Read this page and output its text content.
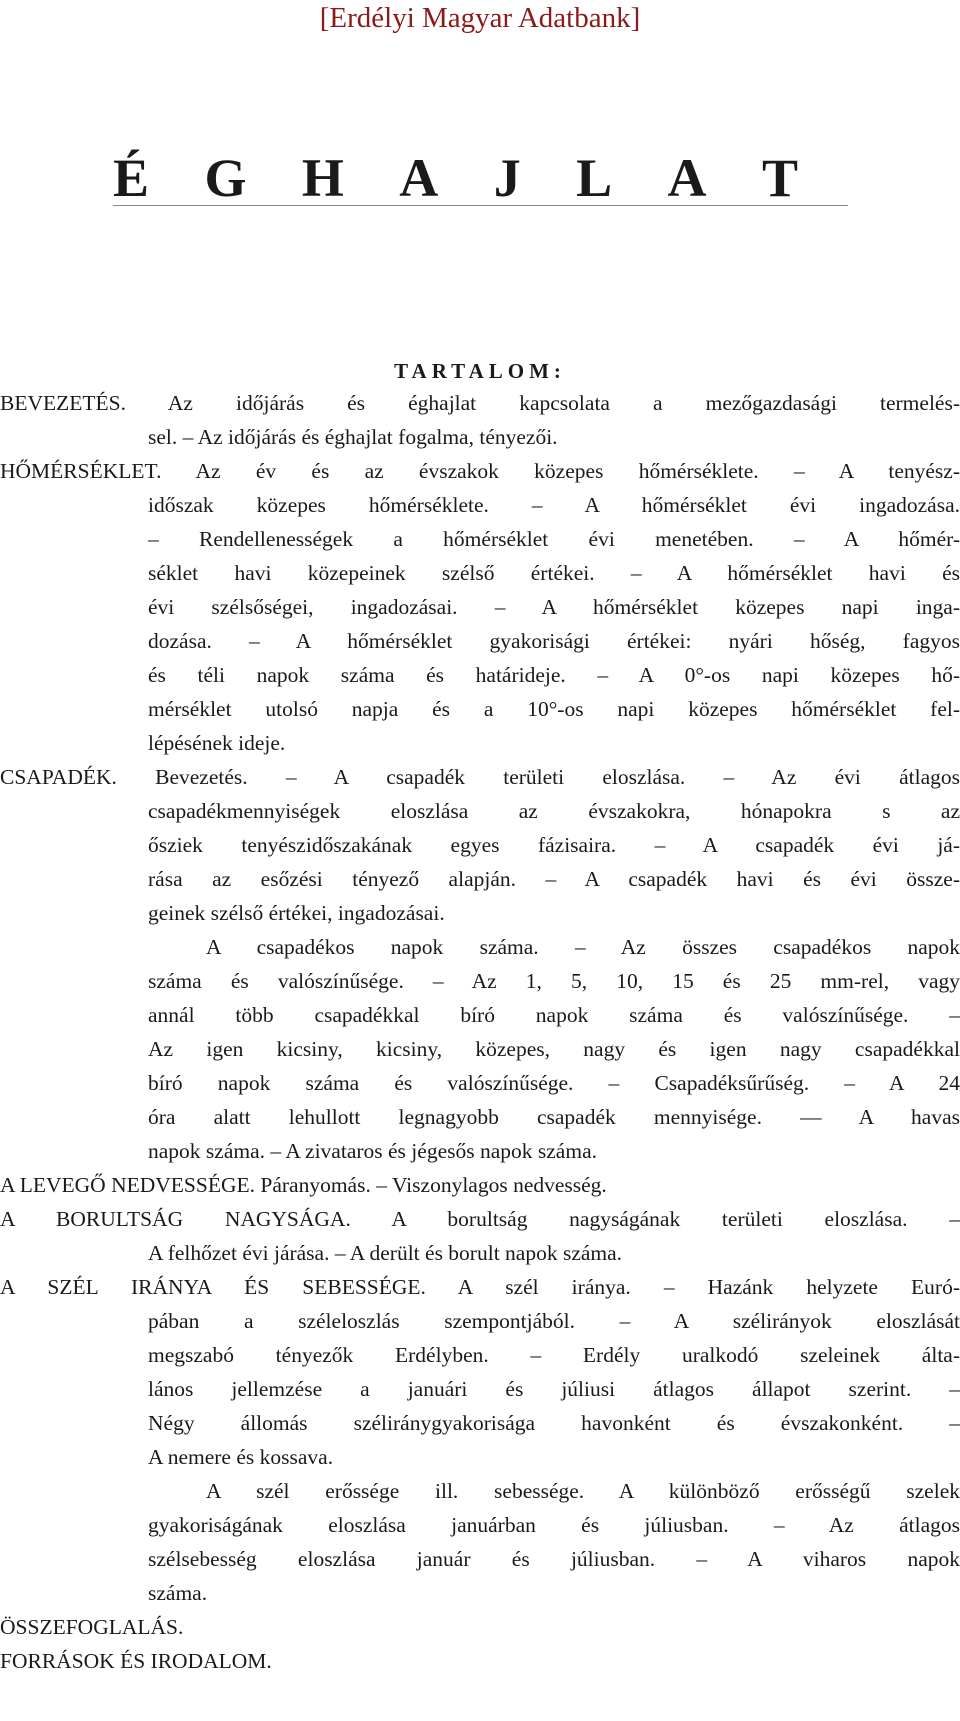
[Erdélyi Magyar Adatbank]
É G H A J L A T
TARTALOM:
BEVEZETÉS. Az időjárás és éghajlat kapcsolata a mezőgazdasági termelés-
sel. – Az időjárás és éghajlat fogalma, tényezői.
HŐMÉRSÉKLET. Az év és az évszakok közepes hőmérséklete. – A tenyész-
időszak közepes hőmérséklete. – A hőmérséklet évi ingadozása.
– Rendellenességek a hőmérséklet évi menetében. – A hőmér-
séklet havi közepeinek szélső értékei. – A hőmérséklet havi és
évi szélsőségei, ingadozásai. – A hőmérséklet közepes napi inga-
dozása. – A hőmérséklet gyakorisági értékei: nyári hőség, fagyos
és téli napok száma és határideje. – A 0°-os napi közepes hő-
mérséklet utolsó napja és a 10°-os napi közepes hőmérséklet fel-
lépésének ideje.
CSAPADÉK. Bevezetés. – A csapadék területi eloszlása. – Az évi átlagos
csapadékmennyiségek eloszlása az évszakokra, hónapokra s az
ősziek tenyészidőszakának egyes fázisaira. – A csapadék évi já-
rása az esőzési tényező alapján. – A csapadék havi és évi össze-
geinek szélső értékei, ingadozásai.
A csapadékos napok száma. – Az összes csapadékos napok
száma és valószínűsége. – Az 1, 5, 10, 15 és 25 mm-rel, vagy
annál több csapadékkal bíró napok száma és valószínűsége. –
Az igen kicsiny, kicsiny, közepes, nagy és igen nagy csapadékkal
bíró napok száma és valószínűsége. – Csapadéksűrűség. – A 24
óra alatt lehullott legnagyobb csapadék mennyisége. –– A havas
napok száma. – A zivataros és jégesős napok száma.
A LEVEGŐ NEDVESSÉGE. Páranyomás. – Viszonylagos nedvesség.
A BORULTSÁG NAGYSÁGA. A borultság nagyságának területi eloszlása. –
A felhőzet évi járása. – A derült és borult napok száma.
A SZÉL IRÁNYA ÉS SEBESSÉGE. A szél iránya. – Hazánk helyzete Euró-
pában a széleloszlás szempontjából. – A szélirányok eloszlását
megszabó tényezők Erdélyben. – Erdély uralkodó szeleinek álta-
lános jellemzése a januári és júliusi átlagos állapot szerint. –
Négy állomás széliránygyakorisága havonként és évszakonként. –
A nemere és kossava.
A szél erőssége ill. sebessége. A különböző erősségű szelek
gyakoriságának eloszlása januárban és júliusban. – Az átlagos
szélsebesség eloszlása január és júliusban. – A viharos napok
száma.
ÖSSZEFOGLALÁS.
FORRÁSOK ÉS IRODALOM.
